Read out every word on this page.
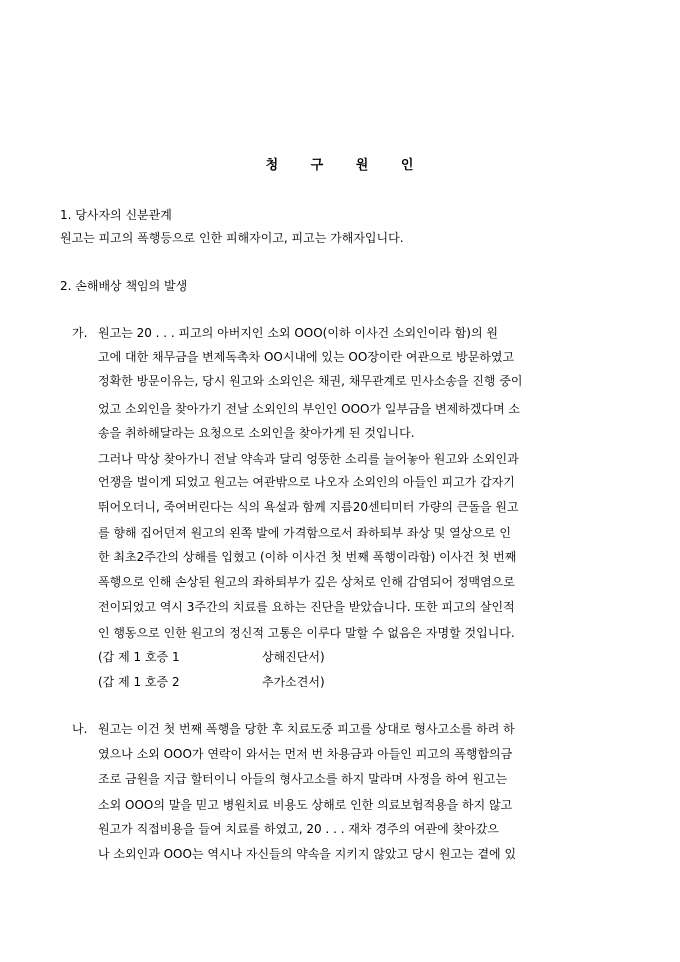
청 구 원 인
1. 당사자의 신분관계
원고는 피고의 폭행등으로 인한 피해자이고, 피고는 가해자입니다.
2. 손해배상 책임의 발생
가. 원고는 20 . . . 피고의 아버지인 소외 OOO(이하 이사건 소외인이라 함)의 원
고에 대한 채무금을 변제독촉차 OO시내에 있는 OO장이란 여관으로 방문하였고
정확한 방문이유는, 당시 원고와 소외인은 채권, 채무관계로 민사소송을 진행 중이
었고 소외인을 찾아가기 전날 소외인의 부인인 OOO가 일부금을 변제하겠다며 소
송을 취하해달라는 요청으로 소외인을 찾아가게 된 것입니다.
그러나 막상 찾아가니 전날 약속과 달리 엉뚱한 소리를 늘어놓아 원고와 소외인과
언쟁을 벌이게 되었고 원고는 여관밖으로 나오자 소외인의 아들인 피고가 갑자기
뛰어오더니, 죽여버린다는 식의 욕설과 함께 지름20센티미터 가량의 큰돌을 원고
를 향해 집어던져 원고의 왼쪽 발에 가격함으로서 좌하퇴부 좌상 및 열상으로 인
한 최초2주간의 상해를 입혔고 (이하 이사건 첫 번째 폭행이라함) 이사건 첫 번째
폭행으로 인해 손상된 원고의 좌하퇴부가 깊은 상처로 인해 감염되어 정맥염으로
전이되었고 역시 3주간의 치료를 요하는 진단을 받았습니다. 또한 피고의 살인적
인 행동으로 인한 원고의 정신적 고통은 이루다 말할 수 없음은 자명할 것입니다.
(갑 제 1 호증 1	상해진단서)
(갑 제 1 호증 2	추가소견서)
나. 원고는 이건 첫 번째 폭행을 당한 후 치료도중 피고를 상대로 형사고소를 하려 하
였으나 소외 OOO가 연락이 와서는 먼저 번 차용금과 아들인 피고의 폭행합의금
조로 금원을 지급 할터이니 아들의 형사고소를 하지 말라며 사정을 하여 원고는
소외 OOO의 말을 믿고 병원치료 비용도 상해로 인한 의료보험적용을 하지 않고
원고가 직접비용을 들여 치료를 하였고, 20 . . . 재차 경주의 여관에 찾아갔으
나 소외인과 OOO는 역시나 자신들의 약속을 지키지 않았고 당시 원고는 곁에 있
